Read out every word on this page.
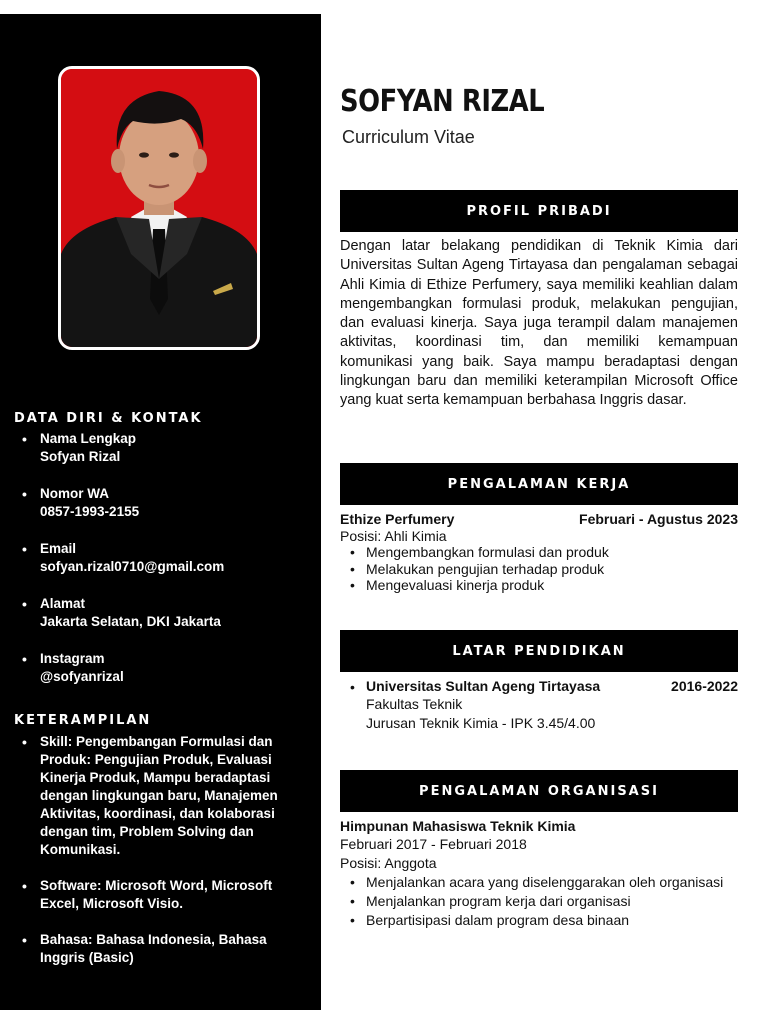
DATA DIRI & KONTAK
• Nama Lengkap
Sofyan Rizal
• Nomor WA
0857-1993-2155
• Email
sofyan.rizal0710@gmail.com
• Alamat
Jakarta Selatan, DKI Jakarta
• Instagram
@sofyanrizal
KETERAMPILAN
• Skill: Pengembangan Formulasi dan Produk: Pengujian Produk, Evaluasi Kinerja Produk, Mampu beradaptasi dengan lingkungan baru, Manajemen Aktivitas, koordinasi, dan kolaborasi dengan tim, Problem Solving dan Komunikasi.
• Software: Microsoft Word, Microsoft Excel, Microsoft Visio.
• Bahasa: Bahasa Indonesia, Bahasa Inggris (Basic)
SOFYAN RIZAL
Curriculum Vitae
PROFIL PRIBADI

Dengan latar belakang pendidikan di Teknik Kimia dari Universitas Sultan Ageng Tirtayasa dan pengalaman sebagai Ahli Kimia di Ethize Perfumery, saya memiliki keahlian dalam mengembangkan formulasi produk, melakukan pengujian, dan evaluasi kinerja. Saya juga terampil dalam manajemen aktivitas, koordinasi tim, dan memiliki kemampuan komunikasi yang baik. Saya mampu beradaptasi dengan lingkungan baru dan memiliki keterampilan Microsoft Office yang kuat serta kemampuan berbahasa Inggris dasar.

PENGALAMAN KERJA
Ethize Perfumery	Februari - Agustus 2023
Posisi: Ahli Kimia
• Mengembangkan formulasi dan produk
• Melakukan pengujian terhadap produk
• Mengevaluasi kinerja produk
LATAR PENDIDIKAN
• Universitas Sultan Ageng Tirtayasa	2016-2022
Fakultas Teknik
Jurusan Teknik Kimia - IPK 3.45/4.00
PENGALAMAN ORGANISASI
Himpunan Mahasiswa Teknik Kimia
Februari 2017 - Februari 2018
Posisi: Anggota
• Menjalankan acara yang diselenggarakan oleh organisasi
• Menjalankan program kerja dari organisasi
• Berpartisipasi dalam program desa binaan
